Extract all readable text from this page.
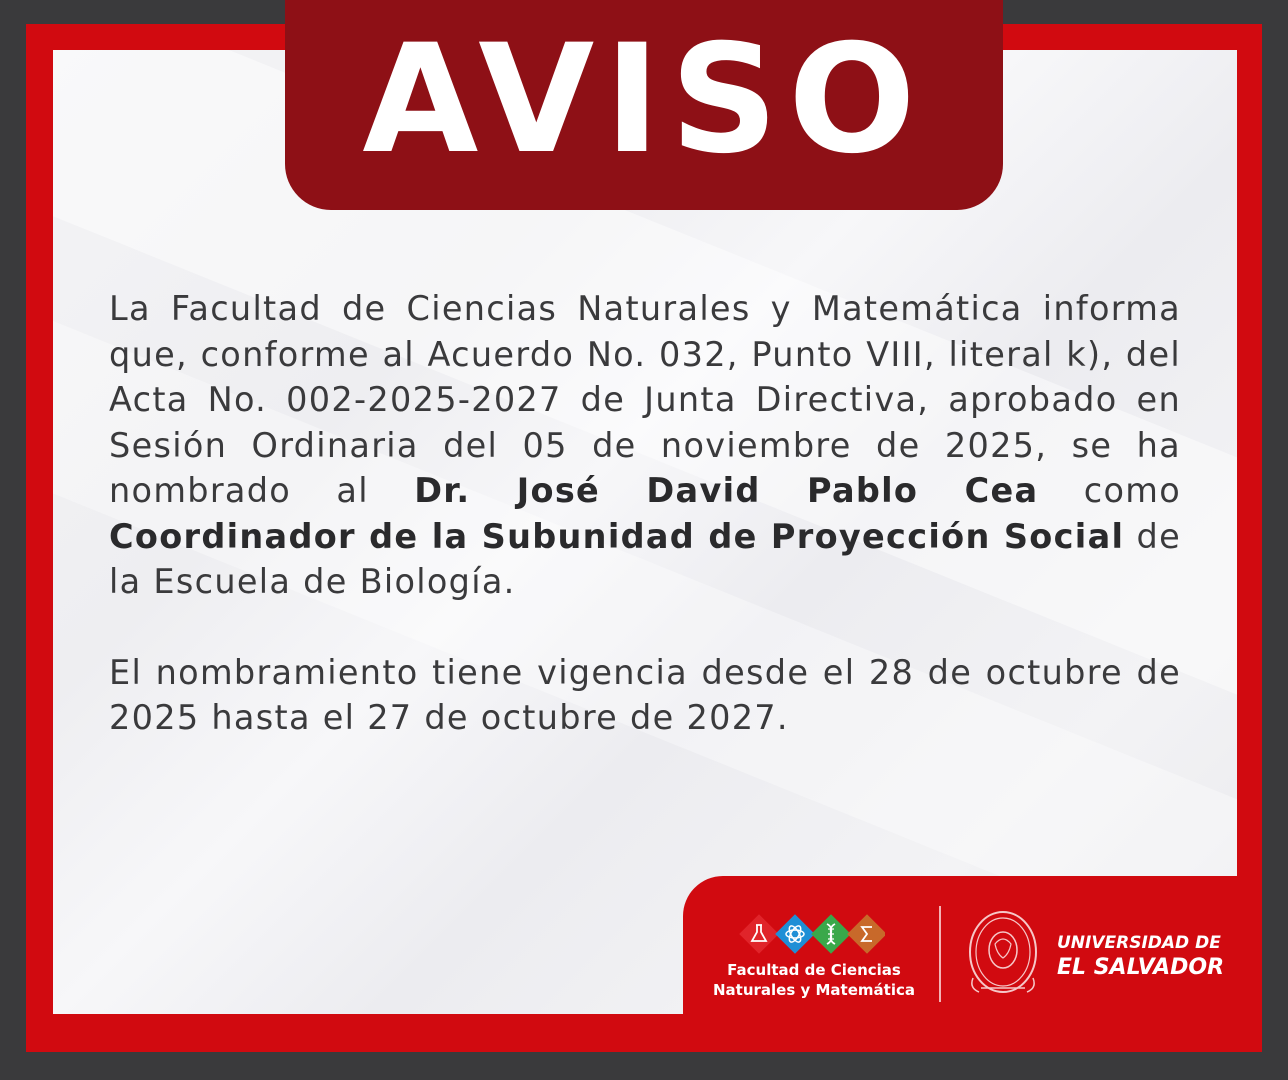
AVISO

La Facultad de Ciencias Naturales y Matemática informa que, conforme al Acuerdo No. 032, Punto VIII, literal k), del Acta No. 002-2025-2027 de Junta Directiva, aprobado en Sesión Ordinaria del 05 de noviembre de 2025, se ha nombrado al Dr. José David Pablo Cea como Coordinador de la Subunidad de Proyección Social de la Escuela de Biología.

El nombramiento tiene vigencia desde el 28 de octubre de 2025 hasta el 27 de octubre de 2027.

Facultad de Ciencias
Naturales y Matemática
UNIVERSIDAD DE
EL SALVADOR
